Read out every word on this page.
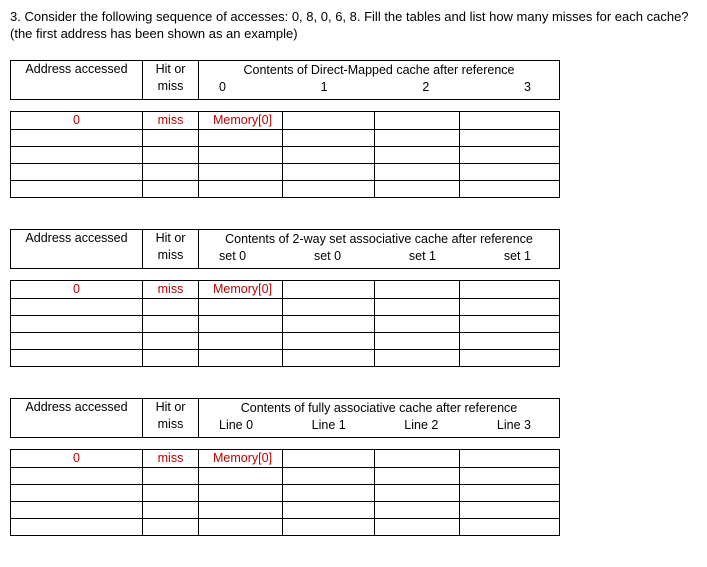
3. Consider the following sequence of accesses: 0, 8, 0, 6, 8. Fill the tables and list how many misses for each cache?
(the first address has been shown as an example)
Address accessed	Hit or
miss

Contents of Direct-Mapped cache after reference
0	1	2	3
0	miss	Memory[0]			

Address accessed	Hit or
miss

Contents of 2-way set associative cache after reference
set 0	set 0	set 1	set 1
0	miss	Memory[0]			

Address accessed	Hit or
miss

Contents of fully associative cache after reference
Line 0	Line 1	Line 2	Line 3
0	miss	Memory[0]			
